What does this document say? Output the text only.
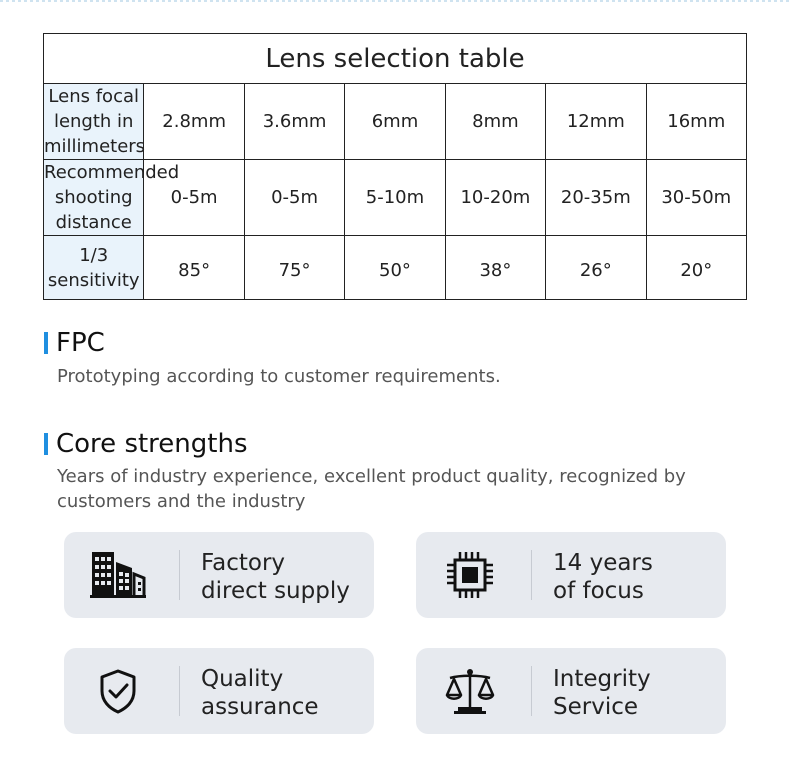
Lens selection table						
Lens focal length in millimeters	2.8mm	3.6mm	6mm	8mm	12mm	16mm
Recommended shooting distance	0-5m	0-5m	5-10m	10-20m	20-35m	30-50m
1/3 sensitivity	85°	75°	50°	38°	26°	20°
FPC
Prototyping according to customer requirements.
Core strengths
Years of industry experience, excellent product quality, recognized by
customers and the industry
Factory
direct supply
14 years
of focus
Quality
assurance
Integrity
Service
